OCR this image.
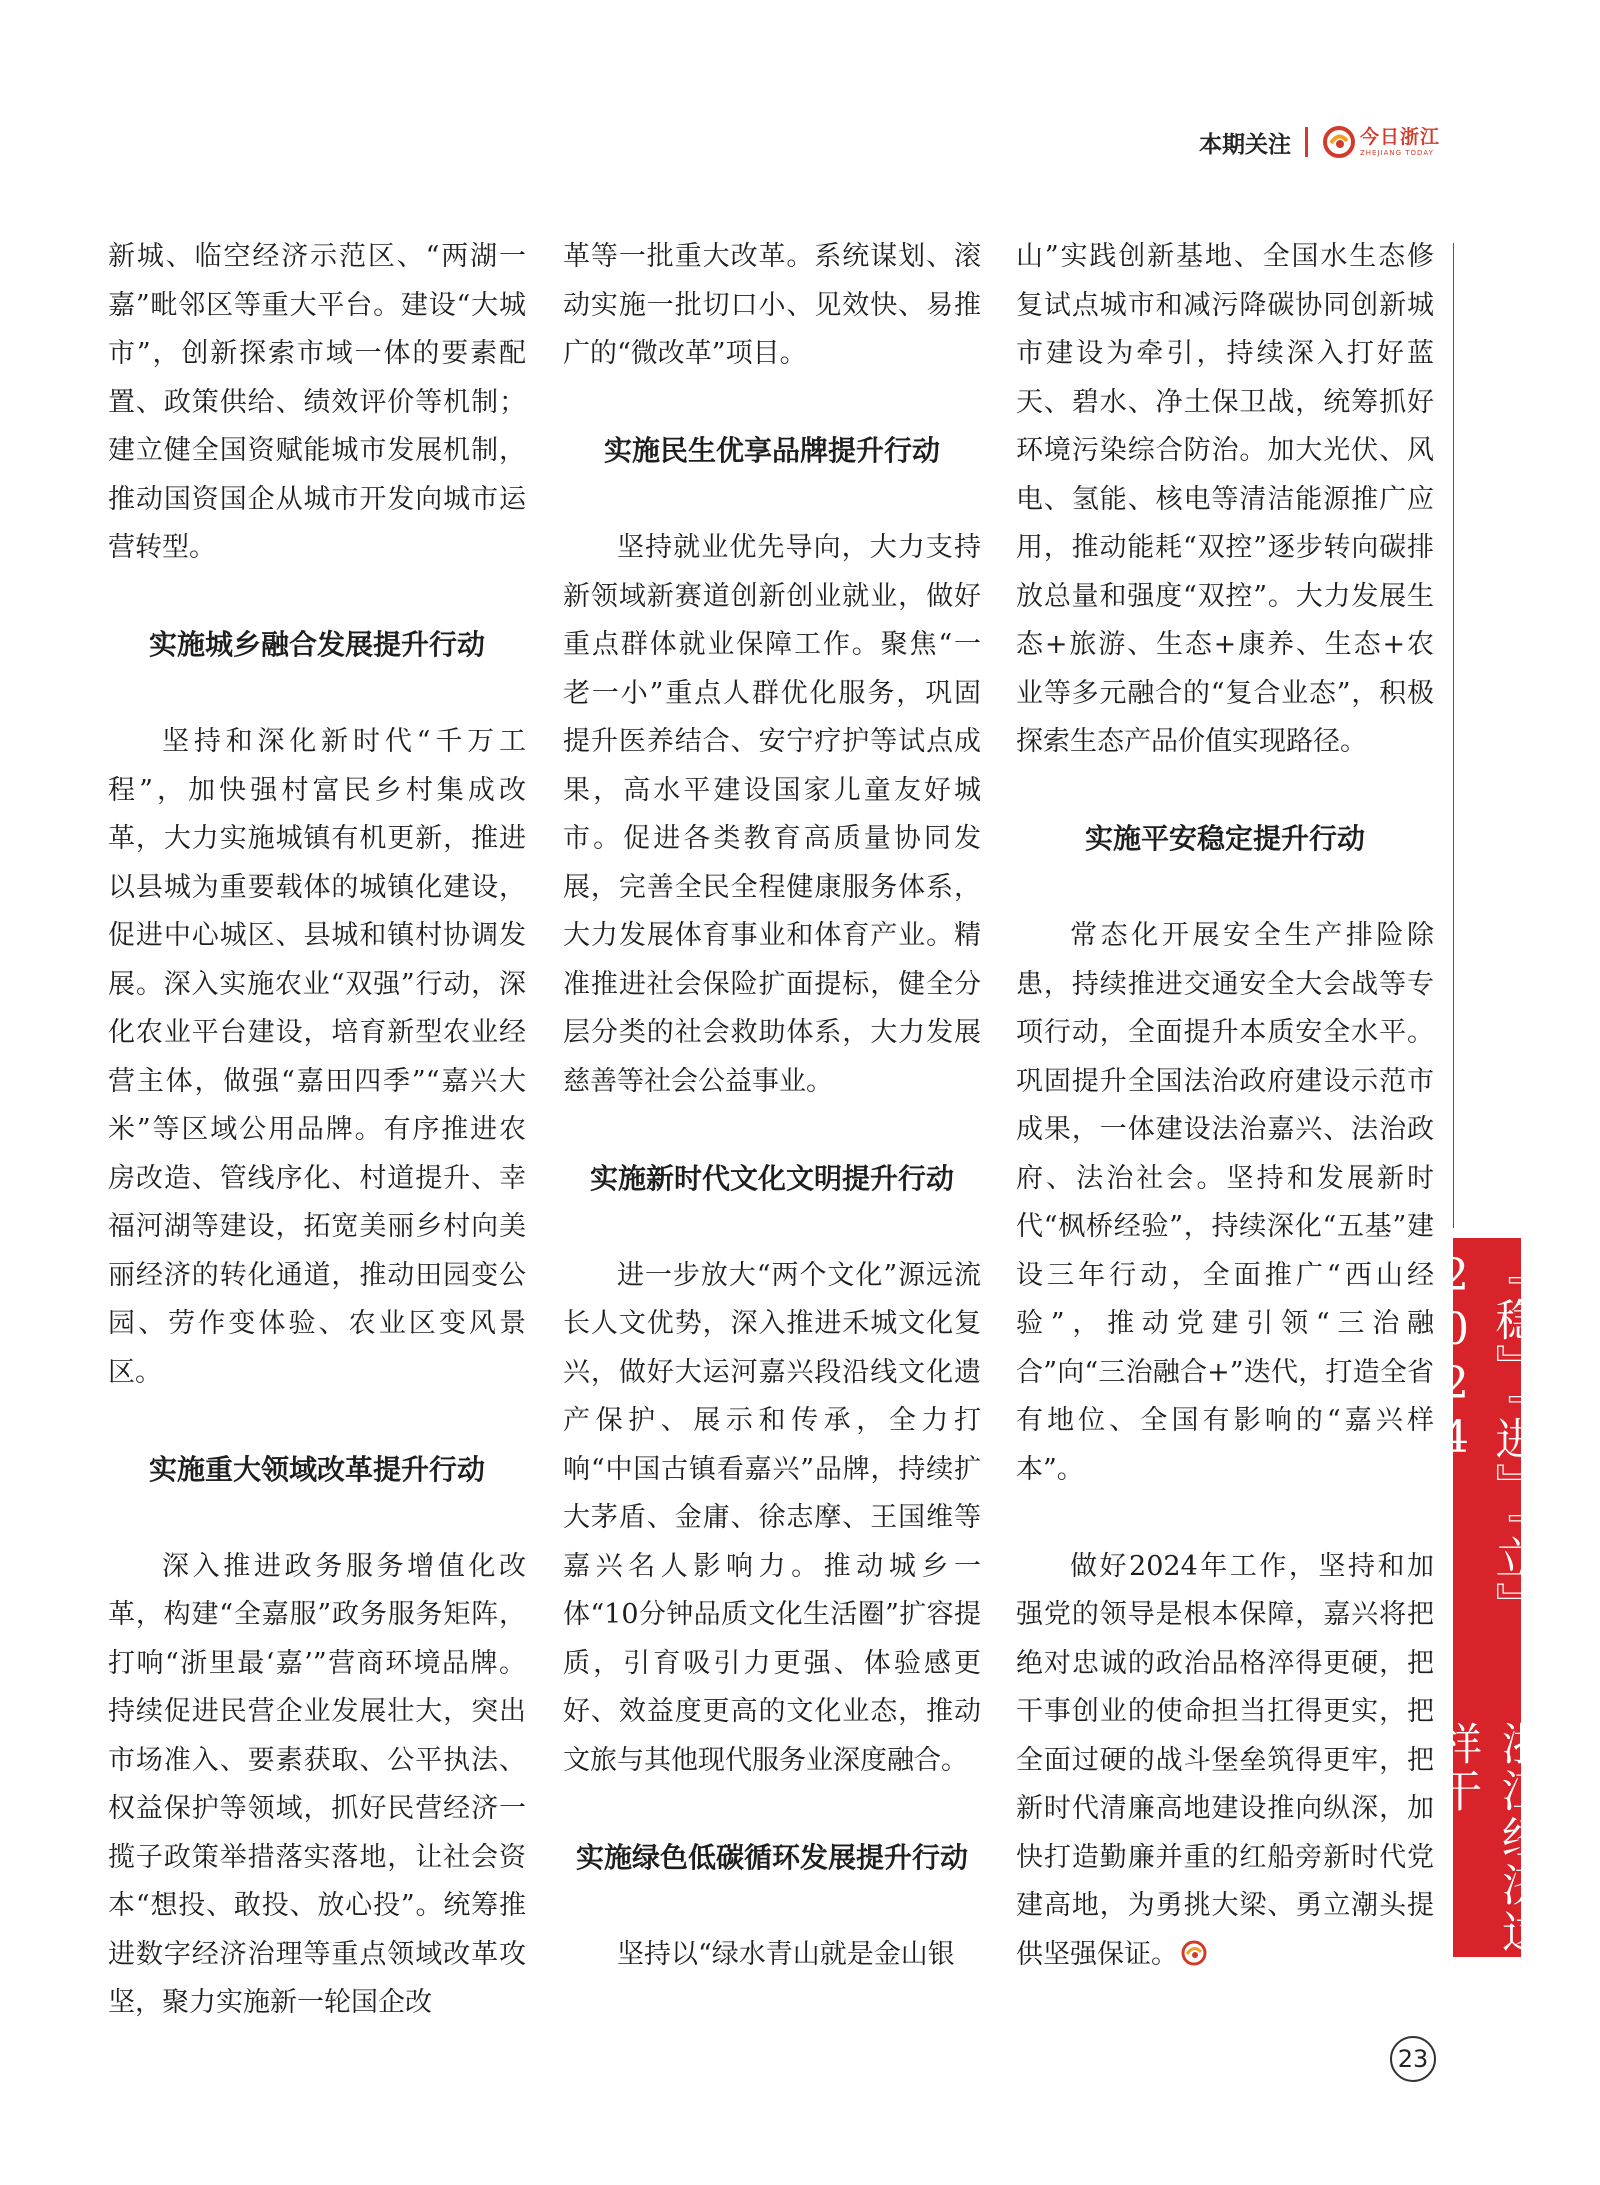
本期关注	今日浙江
ZHEJIANG TODAY

新城、临空经济示范区、“两湖一嘉”毗邻区等重大平台。建设“大城市”，创新探索市域一体的要素配置、政策供给、绩效评价等机制；建立健全国资赋能城市发展机制，推动国资国企从城市开发向城市运营转型。

实施城乡融合发展提升行动

坚持和深化新时代“千万工程”，加快强村富民乡村集成改革，大力实施城镇有机更新，推进以县城为重要载体的城镇化建设，促进中心城区、县城和镇村协调发展。深入实施农业“双强”行动，深化农业平台建设，培育新型农业经营主体，做强“嘉田四季”“嘉兴大米”等区域公用品牌。有序推进农房改造、管线序化、村道提升、幸福河湖等建设，拓宽美丽乡村向美丽经济的转化通道，推动田园变公园、劳作变体验、农业区变风景区。

实施重大领域改革提升行动

深入推进政务服务增值化改革，构建“全嘉服”政务服务矩阵，打响“浙里最‘嘉’”营商环境品牌。持续促进民营企业发展壮大，突出市场准入、要素获取、公平执法、权益保护等领域，抓好民营经济一揽子政策举措落实落地，让社会资本“想投、敢投、放心投”。统筹推进数字经济治理等重点领域改革攻坚，聚力实施新一轮国企改

革等一批重大改革。系统谋划、滚动实施一批切口小、见效快、易推广的“微改革”项目。

实施民生优享品牌提升行动

坚持就业优先导向，大力支持新领域新赛道创新创业就业，做好重点群体就业保障工作。聚焦“一老一小”重点人群优化服务，巩固提升医养结合、安宁疗护等试点成果，高水平建设国家儿童友好城市。促进各类教育高质量协同发展，完善全民全程健康服务体系，大力发展体育事业和体育产业。精准推进社会保险扩面提标，健全分层分类的社会救助体系，大力发展慈善等社会公益事业。

实施新时代文化文明提升行动

进一步放大“两个文化”源远流长人文优势，深入推进禾城文化复兴，做好大运河嘉兴段沿线文化遗产保护、展示和传承，全力打响“中国古镇看嘉兴”品牌，持续扩大茅盾、金庸、徐志摩、王国维等嘉兴名人影响力。推动城乡一体“10分钟品质文化生活圈”扩容提质，引育吸引力更强、体验感更好、效益度更高的文化业态，推动文旅与其他现代服务业深度融合。

实施绿色低碳循环发展提升行动

坚持以“绿水青山就是金山银

山”实践创新基地、全国水生态修复试点城市和减污降碳协同创新城市建设为牵引，持续深入打好蓝天、碧水、净土保卫战，统筹抓好环境污染综合防治。加大光伏、风电、氢能、核电等清洁能源推广应用，推动能耗“双控”逐步转向碳排放总量和强度“双控”。大力发展生态+旅游、生态+康养、生态+农业等多元融合的“复合业态”，积极探索生态产品价值实现路径。

实施平安稳定提升行动

常态化开展安全生产排险除患，持续推进交通安全大会战等专项行动，全面提升本质安全水平。巩固提升全国法治政府建设示范市成果，一体建设法治嘉兴、法治政府、法治社会。坚持和发展新时代“枫桥经验”，持续深化“五基”建设三年行动，全面推广“西山经验”，推动党建引领“三治融合”向“三治融合+”迭代，打造全省有地位、全国有影响的“嘉兴样本”。

做好2024年工作，坚持和加强党的领导是根本保障，嘉兴将把绝对忠诚的政治品格淬得更硬，把干事创业的使命担当扛得更实，把全面过硬的战斗堡垒筑得更牢，把新时代清廉高地建设推向纵深，加快打造勤廉并重的红船旁新时代党建高地，为勇挑大梁、勇立潮头提供坚强保证。

『稳』『进』『立』2024
浙江经济这样干
23
